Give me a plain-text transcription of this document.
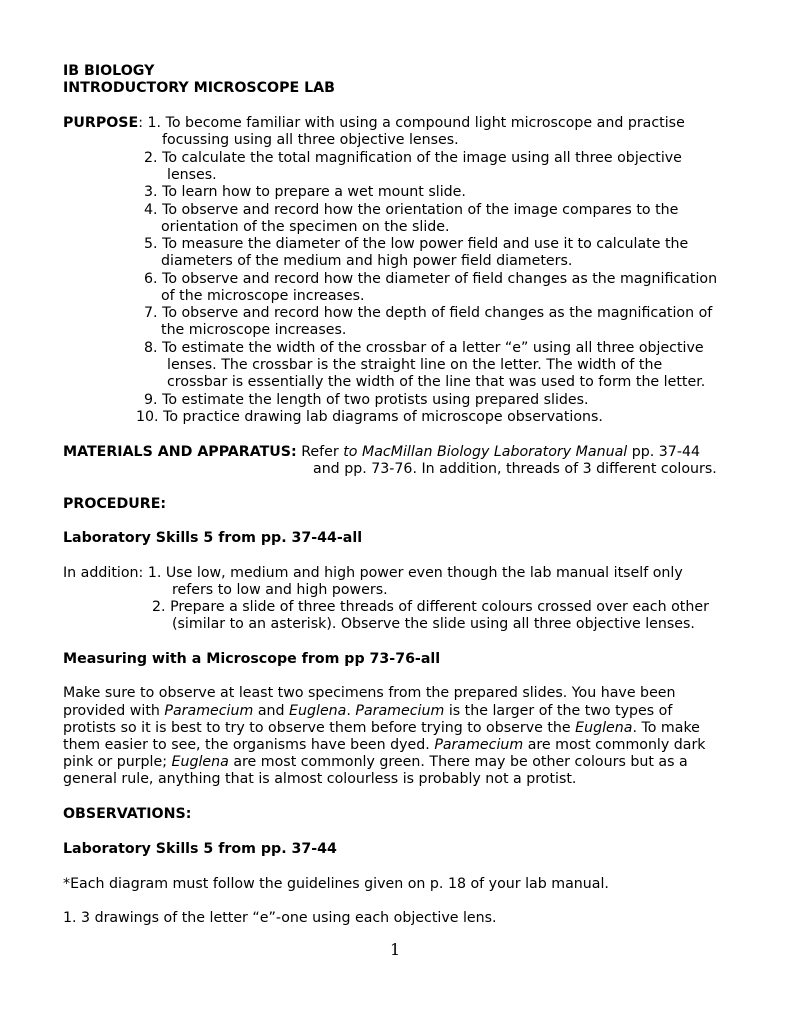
IB BIOLOGY
INTRODUCTORY MICROSCOPE LAB
PURPOSE: 1. To become familiar with using a compound light microscope and practise
focussing using all three objective lenses.
2. To calculate the total magnification of the image using all three objective
lenses.
3. To learn how to prepare a wet mount slide.
4. To observe and record how the orientation of the image compares to the
orientation of the specimen on the slide.
5. To measure the diameter of the low power field and use it to calculate the
diameters of the medium and high power field diameters.
6. To observe and record how the diameter of field changes as the magnification
of the microscope increases.
7. To observe and record how the depth of field changes as the magnification of
the microscope increases.
8. To estimate the width of the crossbar of a letter “e” using all three objective
lenses. The crossbar is the straight line on the letter. The width of the
crossbar is essentially the width of the line that was used to form the letter.
9. To estimate the length of two protists using prepared slides.
10. To practice drawing lab diagrams of microscope observations.
MATERIALS AND APPARATUS: Refer to MacMillan Biology Laboratory Manual pp. 37-44
and pp. 73-76. In addition, threads of 3 different colours.
PROCEDURE:
Laboratory Skills 5 from pp. 37-44-all
In addition: 1. Use low, medium and high power even though the lab manual itself only
refers to low and high powers.
2. Prepare a slide of three threads of different colours crossed over each other
(similar to an asterisk). Observe the slide using all three objective lenses.
Measuring with a Microscope from pp 73-76-all
Make sure to observe at least two specimens from the prepared slides. You have been
provided with Paramecium and Euglena. Paramecium is the larger of the two types of
protists so it is best to try to observe them before trying to observe the Euglena. To make
them easier to see, the organisms have been dyed. Paramecium are most commonly dark
pink or purple; Euglena are most commonly green. There may be other colours but as a
general rule, anything that is almost colourless is probably not a protist.
OBSERVATIONS:
Laboratory Skills 5 from pp. 37-44
*Each diagram must follow the guidelines given on p. 18 of your lab manual.
1. 3 drawings of the letter “e”-one using each objective lens.
1
